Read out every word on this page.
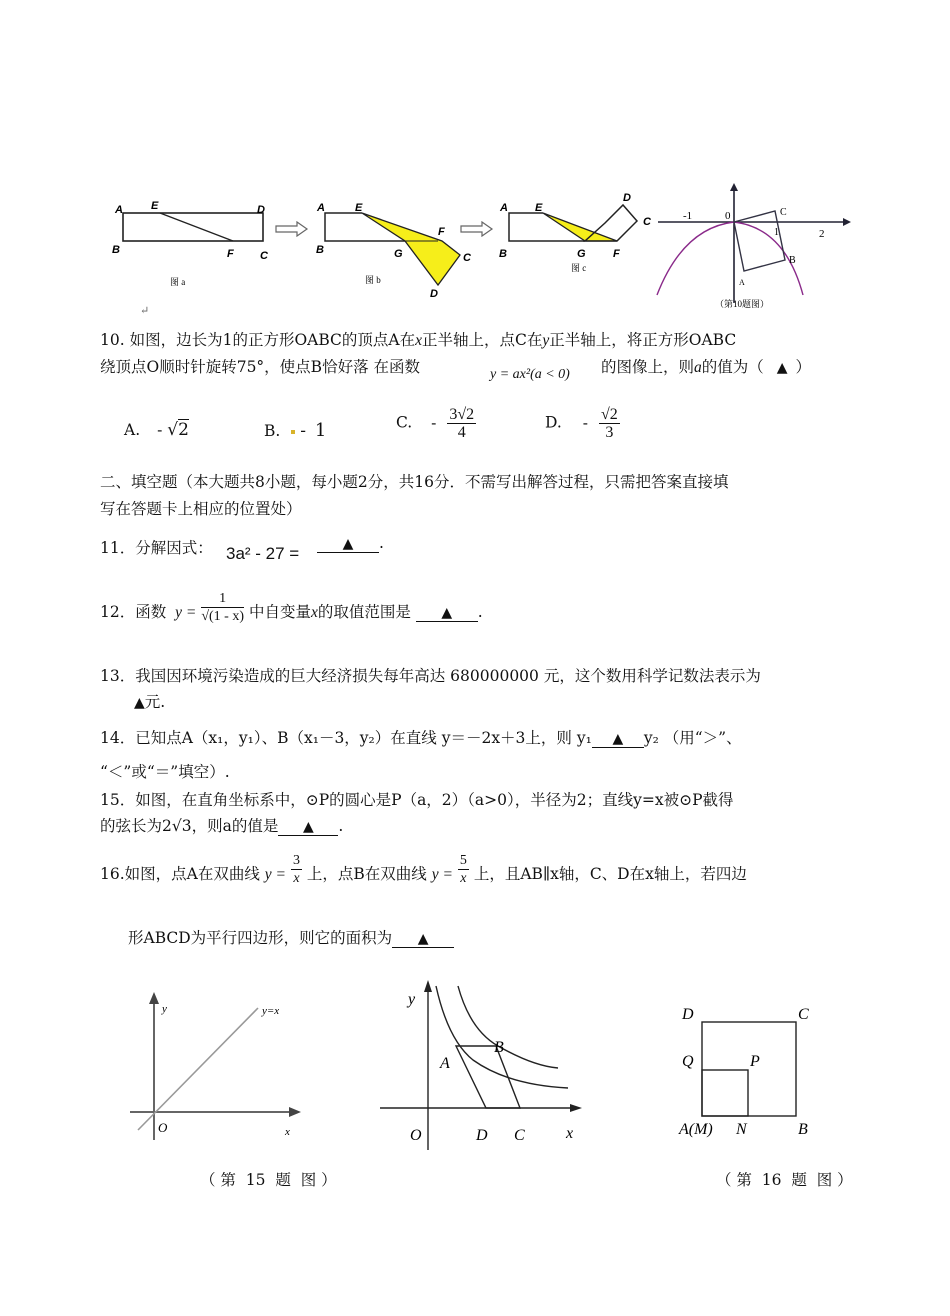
A	E	D
B	F C
图 a
A	E
B	G
F
C
D
图 b
A E
D
C
B	G F
图 c
-1	0	C
1	2
B
A
（第10题图）
↵
10. 如图，边长为1的正方形OABC的顶点A在x正半轴上，点C在y正半轴上，将正方形OABC
绕顶点O顺时针旋转75°，使点B恰好落 在函数	y = ax²(a < 0) 的图像上，则a的值为（ ▲ ）
A. - √2	B. - 1	C. - $\frac{3√2}{4}$	D. - $\frac{√2}{3}$
二、填空题（本大题共8小题，每小题2分，共16分．不需写出解答过程，只需把答案直接填
写在答题卡上相应的位置处）
11．分解因式： 3a² - 27 =	▲ .
12．函数 $y = \frac{1}{√(1 - x)}$ 中自变量x的取值范围是 ▲ .
13．我国因环境污染造成的巨大经济损失每年高达 680000000 元，这个数用科学记数法表示为
▲元.
14．已知点A（x₁，y₁）、B（x₁－3，y₂）在直线 y＝－2x＋3上，则 y₁ ▲ y₂ （用“＞”、
“＜”或“＝”填空）.
15．如图，在直角坐标系中，⊙P的圆心是P（a，2）（a>0），半径为2；直线y=x被⊙P截得
的弦长为2√3，则a的值是 ▲ .
16.如图，点A在双曲线 $y = \frac{3}{x}$ 上，点B在双曲线 $y = \frac{5}{x}$ 上，且AB∥x轴，C、D在x轴上，若四边
形ABCD为平行四边形，则它的面积为 ▲
y	y=x
O	x
（ 第  15  题  图 ）
y
A
B
O	D C	x
D	C
Q	P
A(M) N	B
（ 第  16  题  图 ）
